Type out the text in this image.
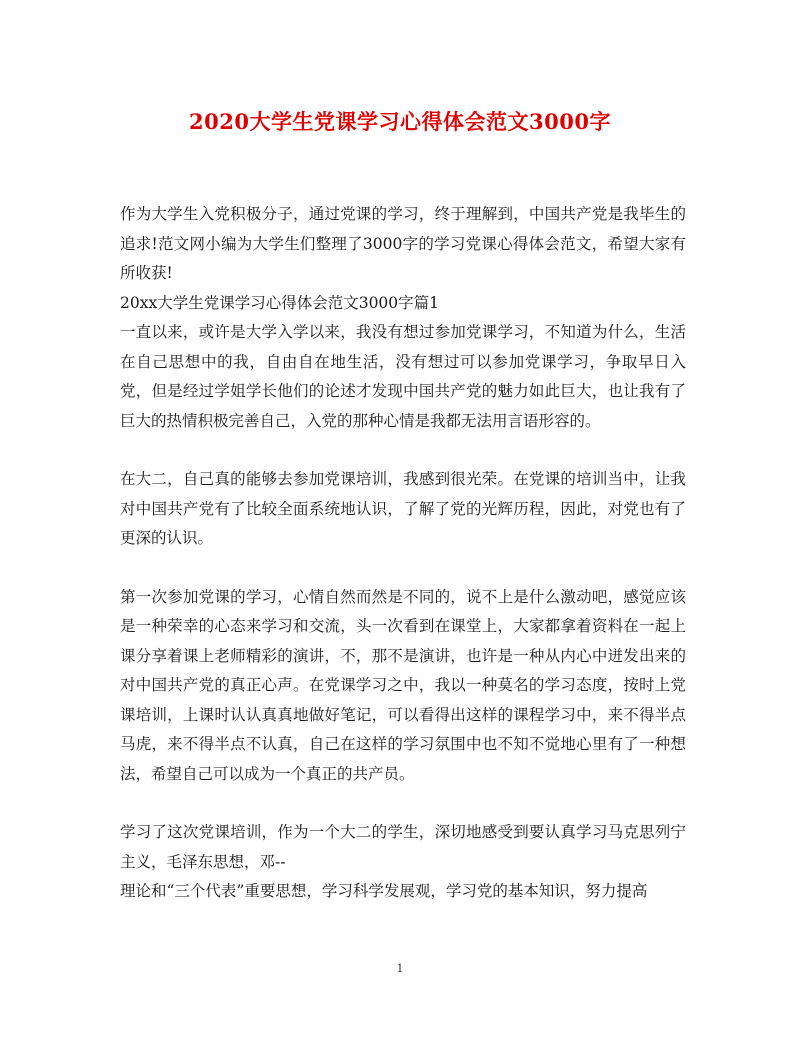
2020大学生党课学习心得体会范文3000字

作为大学生入党积极分子，通过党课的学习，终于理解到，中国共产党是我毕生的追求!范文网小编为大学生们整理了3000字的学习党课心得体会范文，希望大家有所收获!

20xx大学生党课学习心得体会范文3000字篇1

一直以来，或许是大学入学以来，我没有想过参加党课学习，不知道为什么，生活在自己思想中的我，自由自在地生活，没有想过可以参加党课学习，争取早日入党，但是经过学姐学长他们的论述才发现中国共产党的魅力如此巨大，也让我有了巨大的热情积极完善自己，入党的那种心情是我都无法用言语形容的。

在大二，自己真的能够去参加党课培训，我感到很光荣。在党课的培训当中，让我对中国共产党有了比较全面系统地认识，了解了党的光辉历程，因此，对党也有了更深的认识。

第一次参加党课的学习，心情自然而然是不同的，说不上是什么激动吧，感觉应该是一种荣幸的心态来学习和交流，头一次看到在课堂上，大家都拿着资料在一起上课分享着课上老师精彩的演讲，不，那不是演讲，也许是一种从内心中迸发出来的对中国共产党的真正心声。在党课学习之中，我以一种莫名的学习态度，按时上党课培训，上课时认认真真地做好笔记，可以看得出这样的课程学习中，来不得半点马虎，来不得半点不认真，自己在这样的学习氛围中也不知不觉地心里有了一种想法，希望自己可以成为一个真正的共产员。

学习了这次党课培训，作为一个大二的学生，深切地感受到要认真学习马克思列宁主义，毛泽东思想，邓--

理论和“三个代表”重要思想，学习科学发展观，学习党的基本知识，努力提高

1
